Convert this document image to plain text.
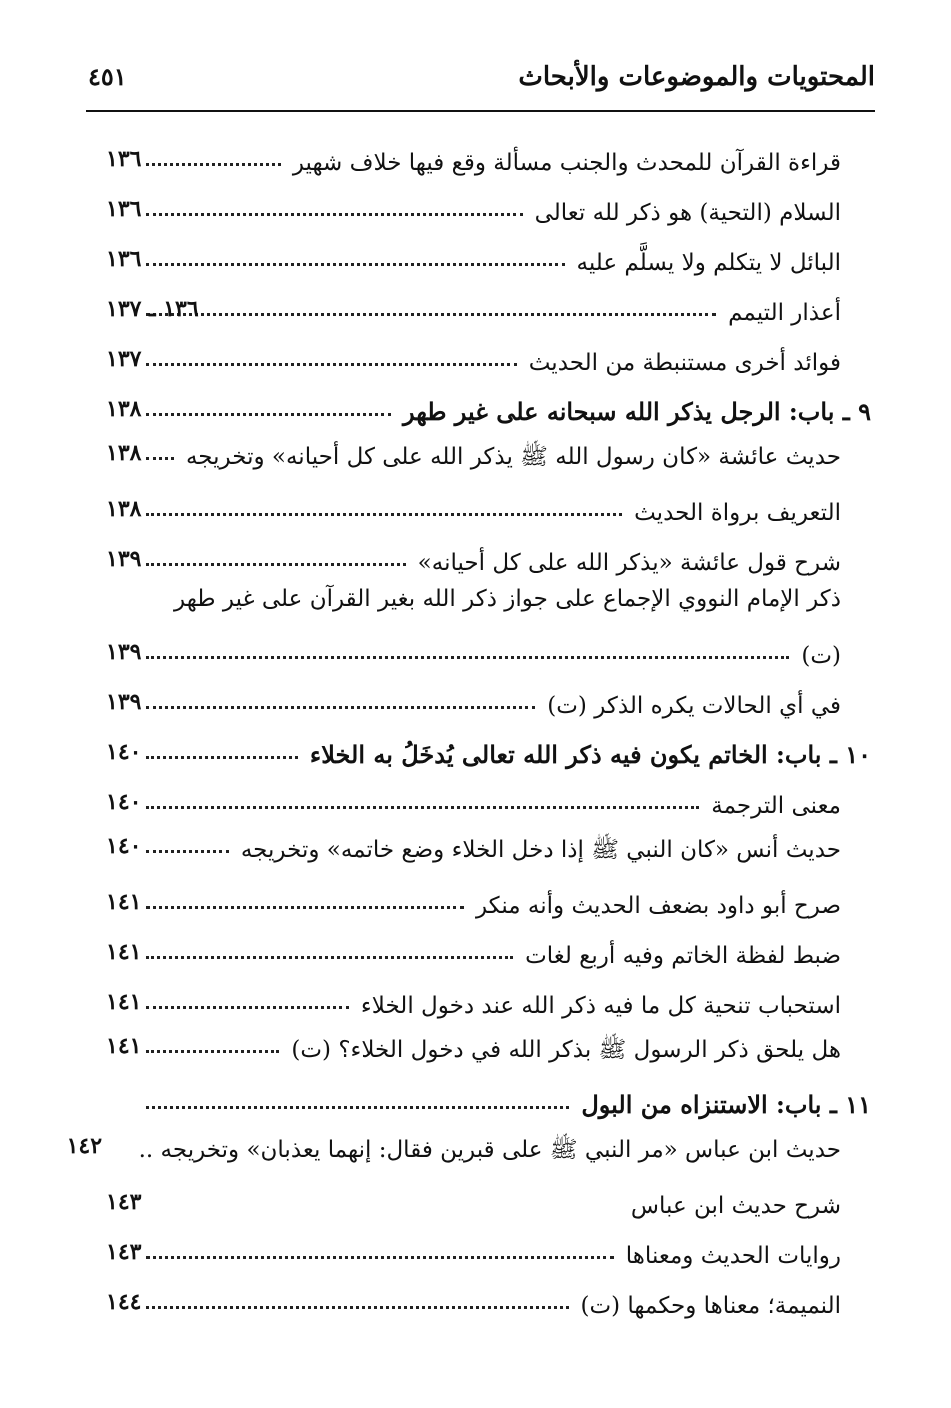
المحتويات والموضوعات والأبحاث
٤٥١
قراءة القرآن للمحدث والجنب مسألة وقع فيها خلاف شهير
١٣٦
السلام (التحية) هو ذكر لله تعالى
١٣٦
البائل لا يتكلم ولا يسلَّم عليه
١٣٦
أعذار التيمم
١٣٦ ـ ١٣٧
فوائد أخرى مستنبطة من الحديث
١٣٧
٩ ـ باب: الرجل يذكر الله سبحانه على غير طهر
١٣٨
حديث عائشة «كان رسول الله ﷺ يذكر الله على كل أحيانه» وتخريجه
١٣٨
التعريف برواة الحديث
١٣٨
شرح قول عائشة «يذكر الله على كل أحيانه»
١٣٩
ذكر الإمام النووي الإجماع على جواز ذكر الله بغير القرآن على غير طهر
(ت)
١٣٩
في أي الحالات يكره الذكر (ت)
١٣٩
١٠ ـ باب: الخاتم يكون فيه ذكر الله تعالى يُدخَلُ به الخلاء
١٤٠
معنى الترجمة
١٤٠
حديث أنس «كان النبي ﷺ إذا دخل الخلاء وضع خاتمه» وتخريجه
١٤٠
صرح أبو داود بضعف الحديث وأنه منكر
١٤١
ضبط لفظة الخاتم وفيه أربع لغات
١٤١
استحباب تنحية كل ما فيه ذكر الله عند دخول الخلاء
١٤١
هل يلحق ذكر الرسول ﷺ بذكر الله في دخول الخلاء؟ (ت)
١٤١
١١ ـ باب: الاستنزاه من البول
حديث ابن عباس «مر النبي ﷺ على قبرين فقال: إنهما يعذبان» وتخريجه ..
١٤٢
شرح حديث ابن عباس
١٤٣
روايات الحديث ومعناها
١٤٣
النميمة؛ معناها وحكمها (ت)
١٤٤
